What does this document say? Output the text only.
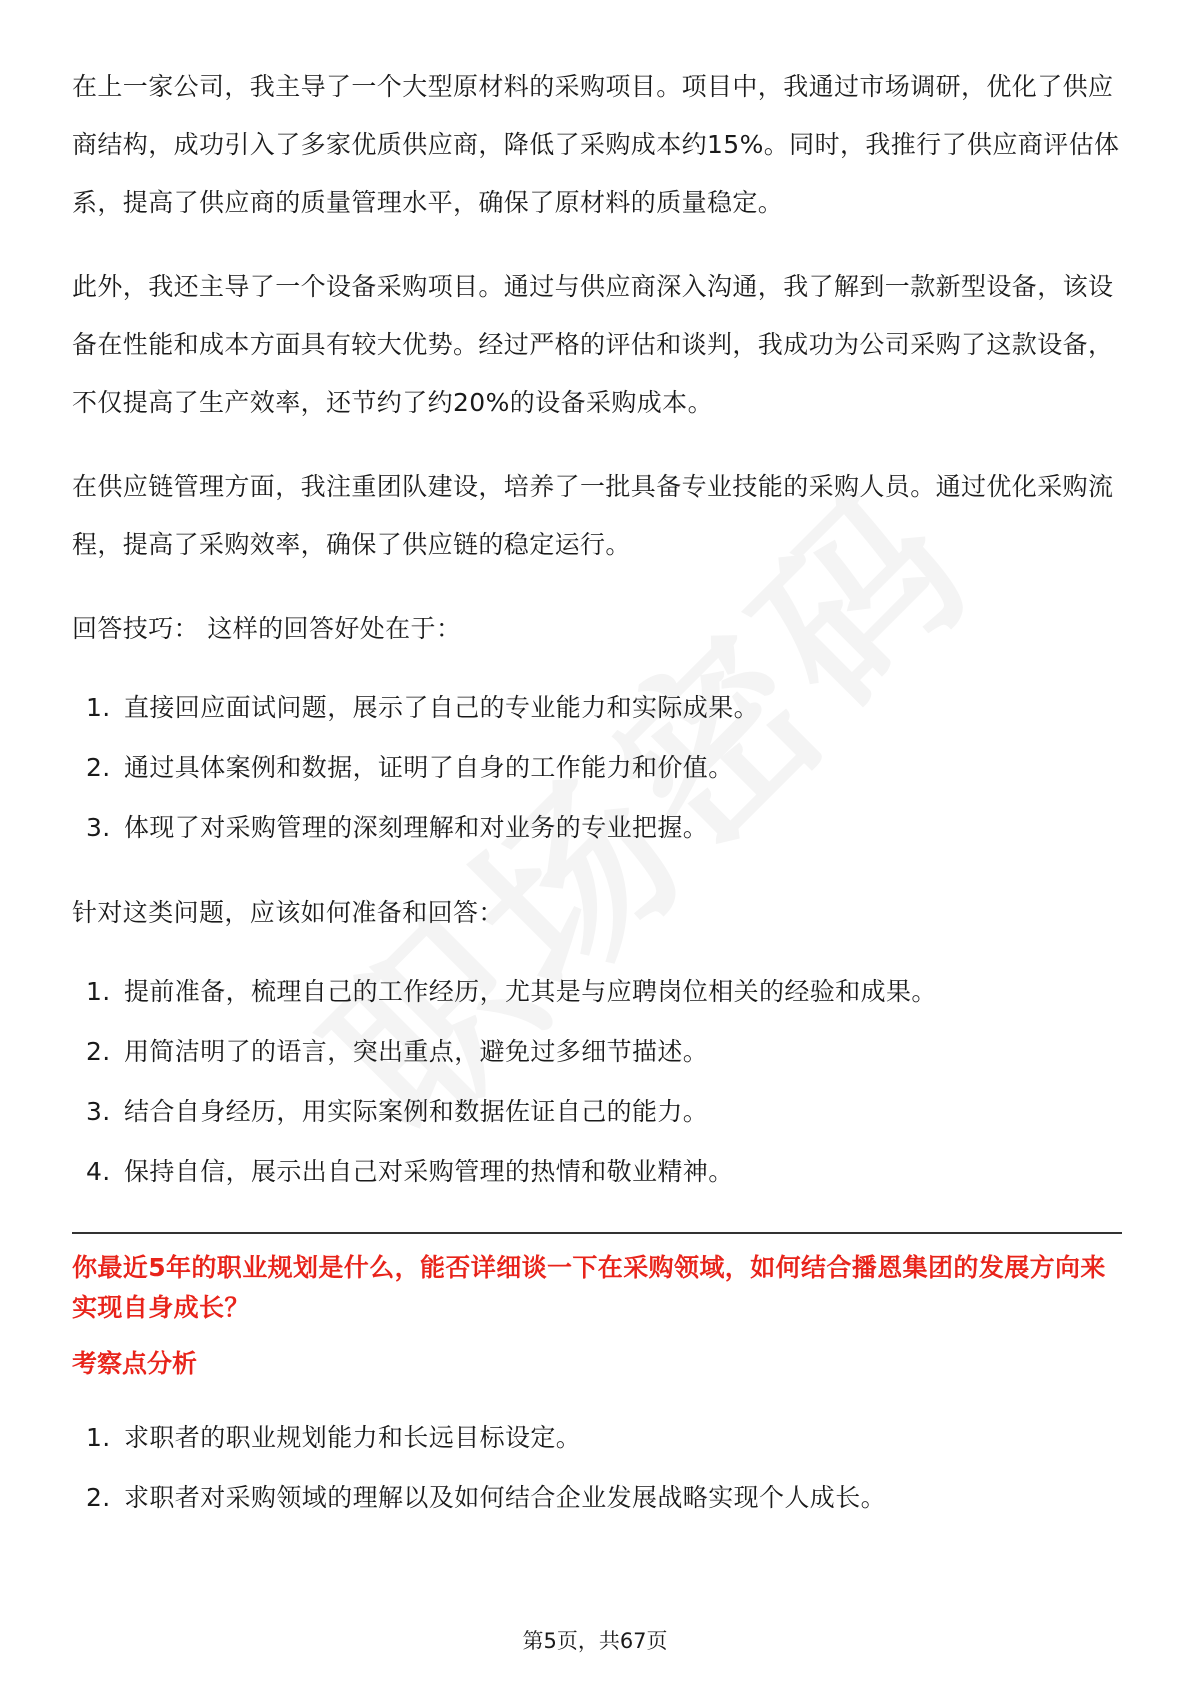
在上一家公司，我主导了一个大型原材料的采购项目。项目中，我通过市场调研，优化了供应商结构，成功引入了多家优质供应商，降低了采购成本约15%。同时，我推行了供应商评估体系，提高了供应商的质量管理水平，确保了原材料的质量稳定。

此外，我还主导了一个设备采购项目。通过与供应商深入沟通，我了解到一款新型设备，该设备在性能和成本方面具有较大优势。经过严格的评估和谈判，我成功为公司采购了这款设备，不仅提高了生产效率，还节约了约20%的设备采购成本。

在供应链管理方面，我注重团队建设，培养了一批具备专业技能的采购人员。通过优化采购流程，提高了采购效率，确保了供应链的稳定运行。

回答技巧： 这样的回答好处在于：

1. 直接回应面试问题，展示了自己的专业能力和实际成果。
2. 通过具体案例和数据，证明了自身的工作能力和价值。
3. 体现了对采购管理的深刻理解和对业务的专业把握。

针对这类问题，应该如何准备和回答：

1. 提前准备，梳理自己的工作经历，尤其是与应聘岗位相关的经验和成果。
2. 用简洁明了的语言，突出重点，避免过多细节描述。
3. 结合自身经历，用实际案例和数据佐证自己的能力。
4. 保持自信，展示出自己对采购管理的热情和敬业精神。

你最近5年的职业规划是什么，能否详细谈一下在采购领域，如何结合播恩集团的发展方向来实现自身成长？

考察点分析

1. 求职者的职业规划能力和长远目标设定。
2. 求职者对采购领域的理解以及如何结合企业发展战略实现个人成长。
第5页，共67页
